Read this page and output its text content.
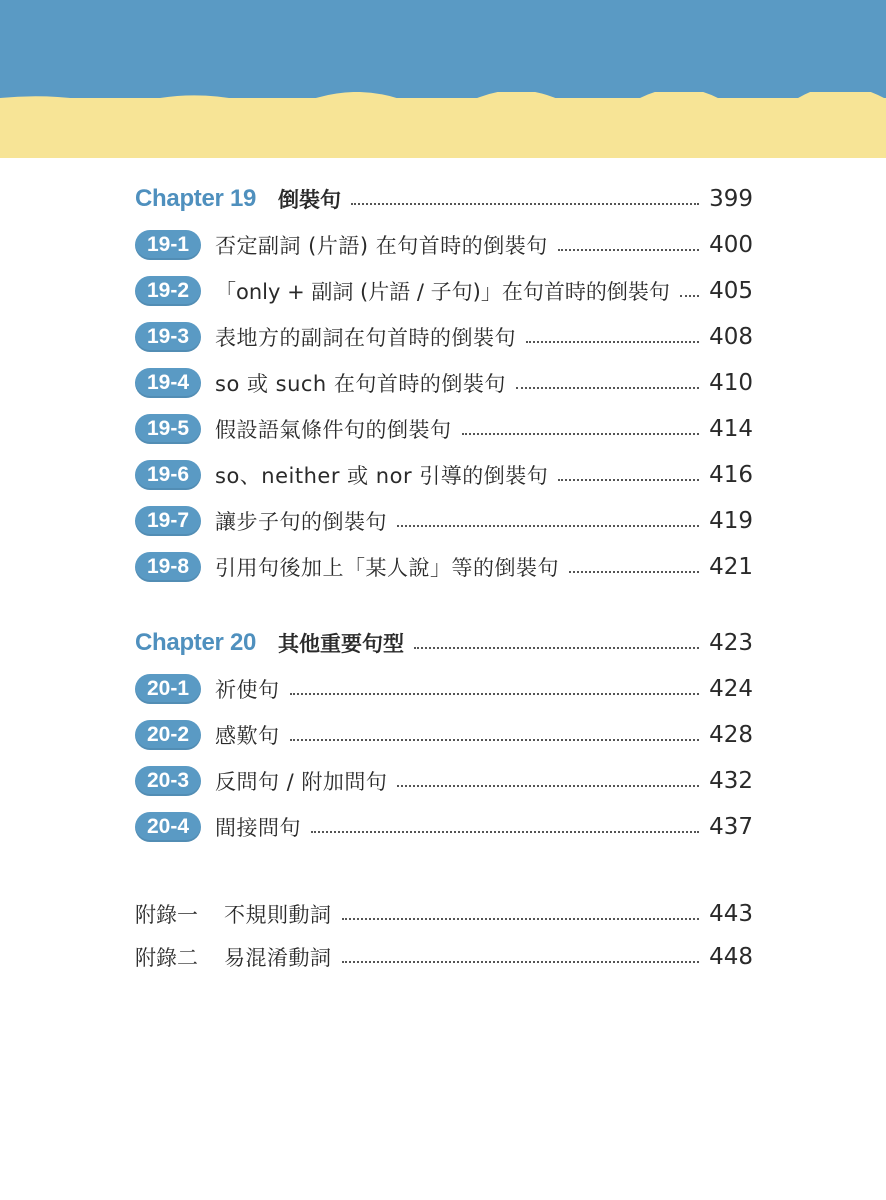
Chapter 19 倒裝句	399
19-1	否定副詞 (片語) 在句首時的倒裝句	400
19-2	「only + 副詞 (片語 / 子句)」在句首時的倒裝句 405
19-3	表地方的副詞在句首時的倒裝句	408
19-4	so 或 such 在句首時的倒裝句	410
19-5	假設語氣條件句的倒裝句	414
19-6	so、neither 或 nor 引導的倒裝句	416
19-7	讓步子句的倒裝句	419
19-8	引用句後加上「某人說」等的倒裝句	421
Chapter 20 其他重要句型	423
20-1	祈使句	424
20-2	感歎句	428
20-3	反問句 / 附加問句	432
20-4	間接問句	437
附錄一 不規則動詞	443
附錄二 易混淆動詞	448
